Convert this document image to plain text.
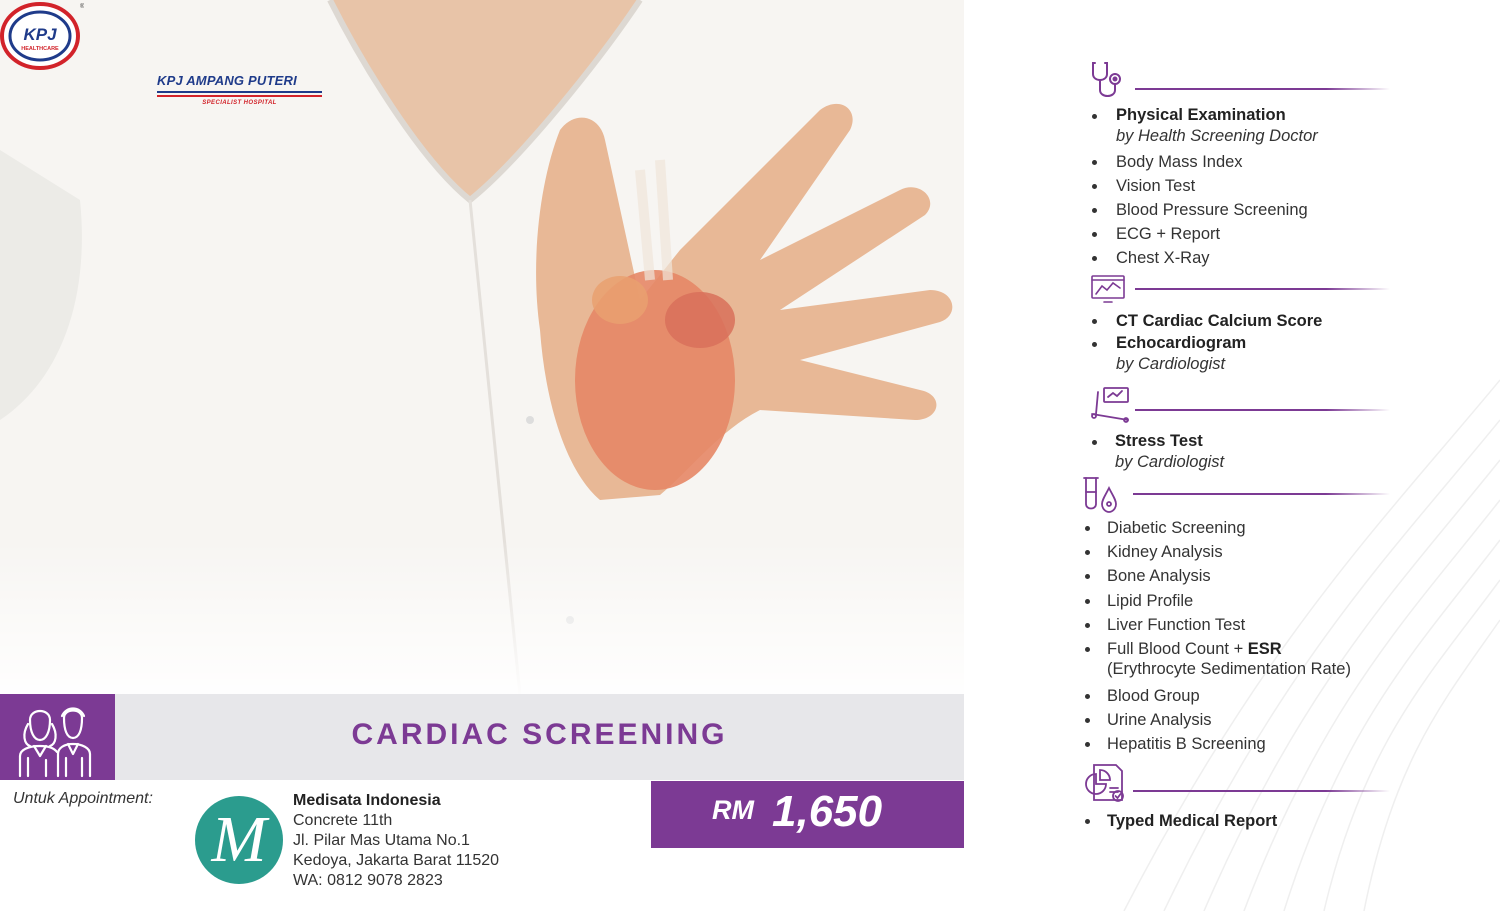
KPJ
HEALTHCARE
®
KPJ AMPANG PUTERI
SPECIALIST HOSPITAL
CARDIAC SCREENING
Untuk Appointment:
M
Medisata Indonesia
Concrete 11th
Jl. Pilar Mas Utama No.1
Kedoya, Jakarta Barat 11520
WA: 0812 9078 2823
RM 1,650
Physical Examination
by Health Screening Doctor
Body Mass Index
Vision Test
Blood Pressure Screening
ECG + Report
Chest X-Ray
CT Cardiac Calcium Score
Echocardiogram
by Cardiologist
Stress Test
by Cardiologist
Diabetic Screening
Kidney Analysis
Bone Analysis
Lipid Profile
Liver Function Test
Full Blood Count + ESR
(Erythrocyte Sedimentation Rate)
Blood Group
Urine Analysis
Hepatitis B Screening
Typed Medical Report
